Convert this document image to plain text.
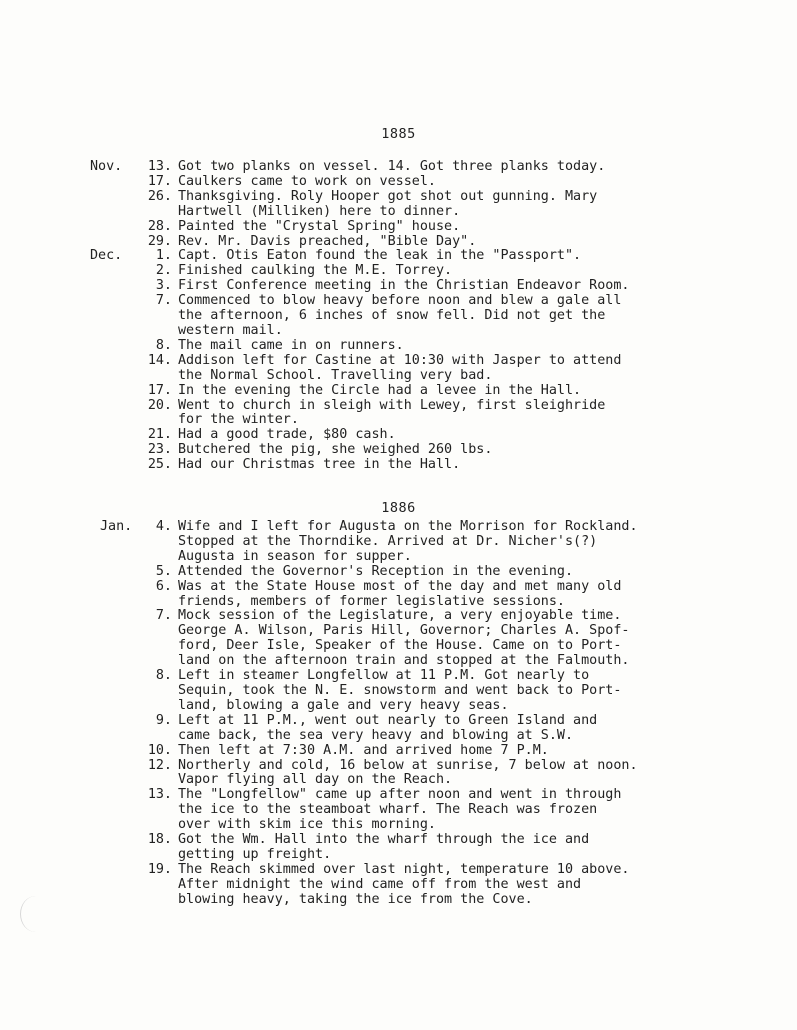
1885
Nov.	13. Got two planks on vessel. 14. Got three planks today.
17. Caulkers came to work on vessel.
26. Thanksgiving. Roly Hooper got shot out gunning. Mary
Hartwell (Milliken) here to dinner.
28. Painted the "Crystal Spring" house.
29. Rev. Mr. Davis preached, "Bible Day".
Dec.	1. Capt. Otis Eaton found the leak in the "Passport".
2. Finished caulking the M.E. Torrey.
3. First Conference meeting in the Christian Endeavor Room.
7. Commenced to blow heavy before noon and blew a gale all
the afternoon, 6 inches of snow fell. Did not get the
western mail.
8. The mail came in on runners.
14. Addison left for Castine at 10:30 with Jasper to attend
the Normal School. Travelling very bad.
17. In the evening the Circle had a levee in the Hall.
20. Went to church in sleigh with Lewey, first sleighride
for the winter.
21. Had a good trade, $80 cash.
23. Butchered the pig, she weighed 260 lbs.
25. Had our Christmas tree in the Hall.
1886
Jan.	4. Wife and I left for Augusta on the Morrison for Rockland.
Stopped at the Thorndike. Arrived at Dr. Nicher's(?)
Augusta in season for supper.
5. Attended the Governor's Reception in the evening.
6. Was at the State House most of the day and met many old
friends, members of former legislative sessions.
7. Mock session of the Legislature, a very enjoyable time.
George A. Wilson, Paris Hill, Governor; Charles A. Spof-
ford, Deer Isle, Speaker of the House. Came on to Port-
land on the afternoon train and stopped at the Falmouth.
8. Left in steamer Longfellow at 11 P.M. Got nearly to
Sequin, took the N. E. snowstorm and went back to Port-
land, blowing a gale and very heavy seas.
9. Left at 11 P.M., went out nearly to Green Island and
came back, the sea very heavy and blowing at S.W.
10. Then left at 7:30 A.M. and arrived home 7 P.M.
12. Northerly and cold, 16 below at sunrise, 7 below at noon.
Vapor flying all day on the Reach.
13. The "Longfellow" came up after noon and went in through
the ice to the steamboat wharf. The Reach was frozen
over with skim ice this morning.
18. Got the Wm. Hall into the wharf through the ice and
getting up freight.
19. The Reach skimmed over last night, temperature 10 above.
After midnight the wind came off from the west and
blowing heavy, taking the ice from the Cove.
